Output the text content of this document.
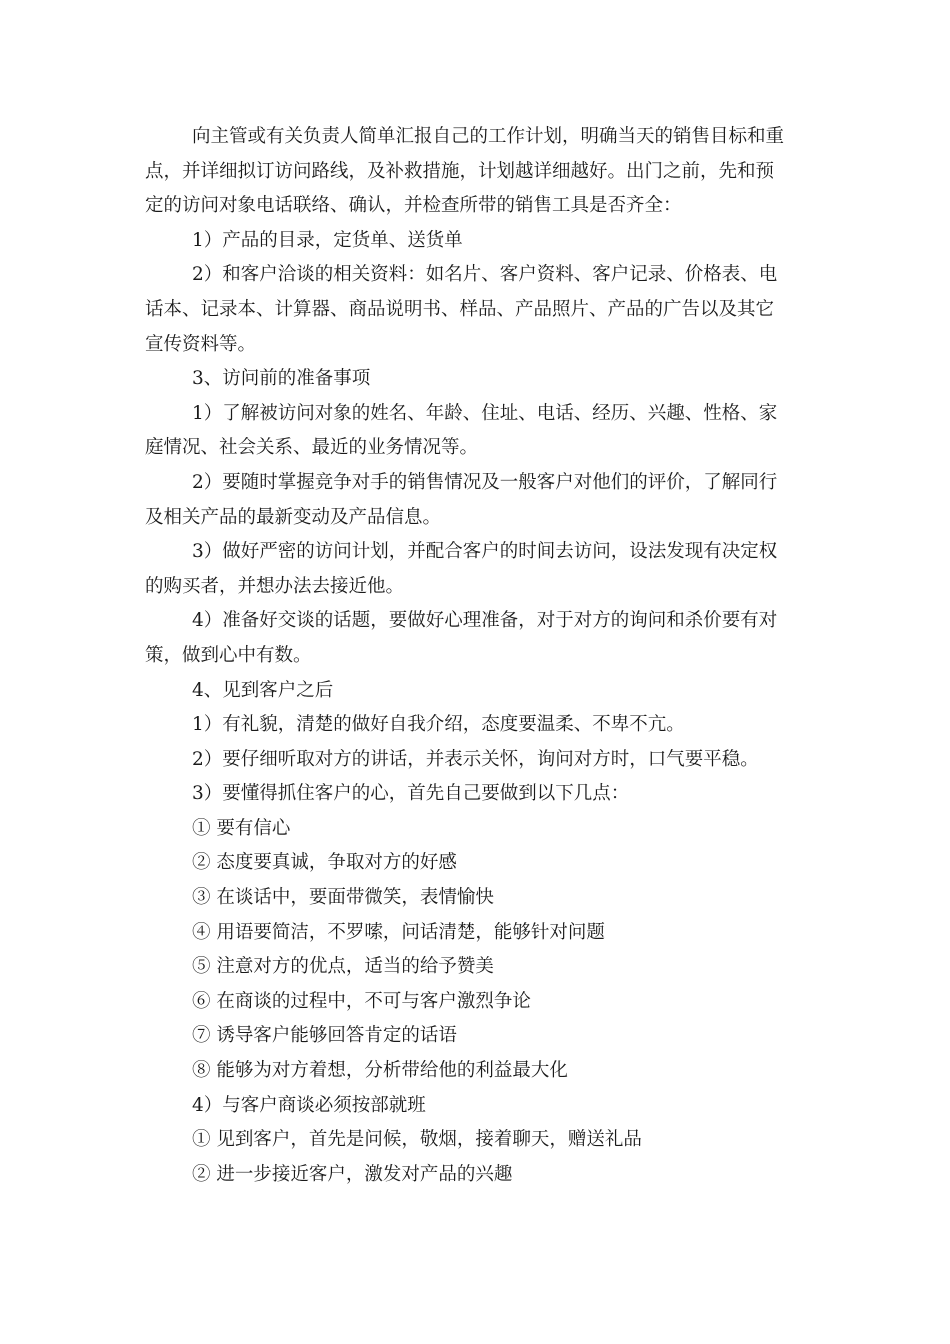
向主管或有关负责人简单汇报自己的工作计划，明确当天的销售目标和重
点，并详细拟订访问路线，及补救措施，计划越详细越好。出门之前，先和预
定的访问对象电话联络、确认，并检查所带的销售工具是否齐全：
1）产品的目录，定货单、送货单
2）和客户洽谈的相关资料：如名片、客户资料、客户记录、价格表、电
话本、记录本、计算器、商品说明书、样品、产品照片、产品的广告以及其它
宣传资料等。
3、访问前的准备事项
1）了解被访问对象的姓名、年龄、住址、电话、经历、兴趣、性格、家
庭情况、社会关系、最近的业务情况等。
2）要随时掌握竞争对手的销售情况及一般客户对他们的评价，了解同行
及相关产品的最新变动及产品信息。
3）做好严密的访问计划，并配合客户的时间去访问，设法发现有决定权
的购买者，并想办法去接近他。
4）准备好交谈的话题，要做好心理准备，对于对方的询问和杀价要有对
策，做到心中有数。
4、见到客户之后
1）有礼貌，清楚的做好自我介绍，态度要温柔、不卑不亢。
2）要仔细听取对方的讲话，并表示关怀，询问对方时，口气要平稳。
3）要懂得抓住客户的心，首先自己要做到以下几点：
① 要有信心
② 态度要真诚，争取对方的好感
③ 在谈话中，要面带微笑，表情愉快
④ 用语要简洁，不罗嗦，问话清楚，能够针对问题
⑤ 注意对方的优点，适当的给予赞美
⑥ 在商谈的过程中，不可与客户激烈争论
⑦ 诱导客户能够回答肯定的话语
⑧ 能够为对方着想，分析带给他的利益最大化
4）与客户商谈必须按部就班
① 见到客户，首先是问候，敬烟，接着聊天，赠送礼品
② 进一步接近客户，激发对产品的兴趣
